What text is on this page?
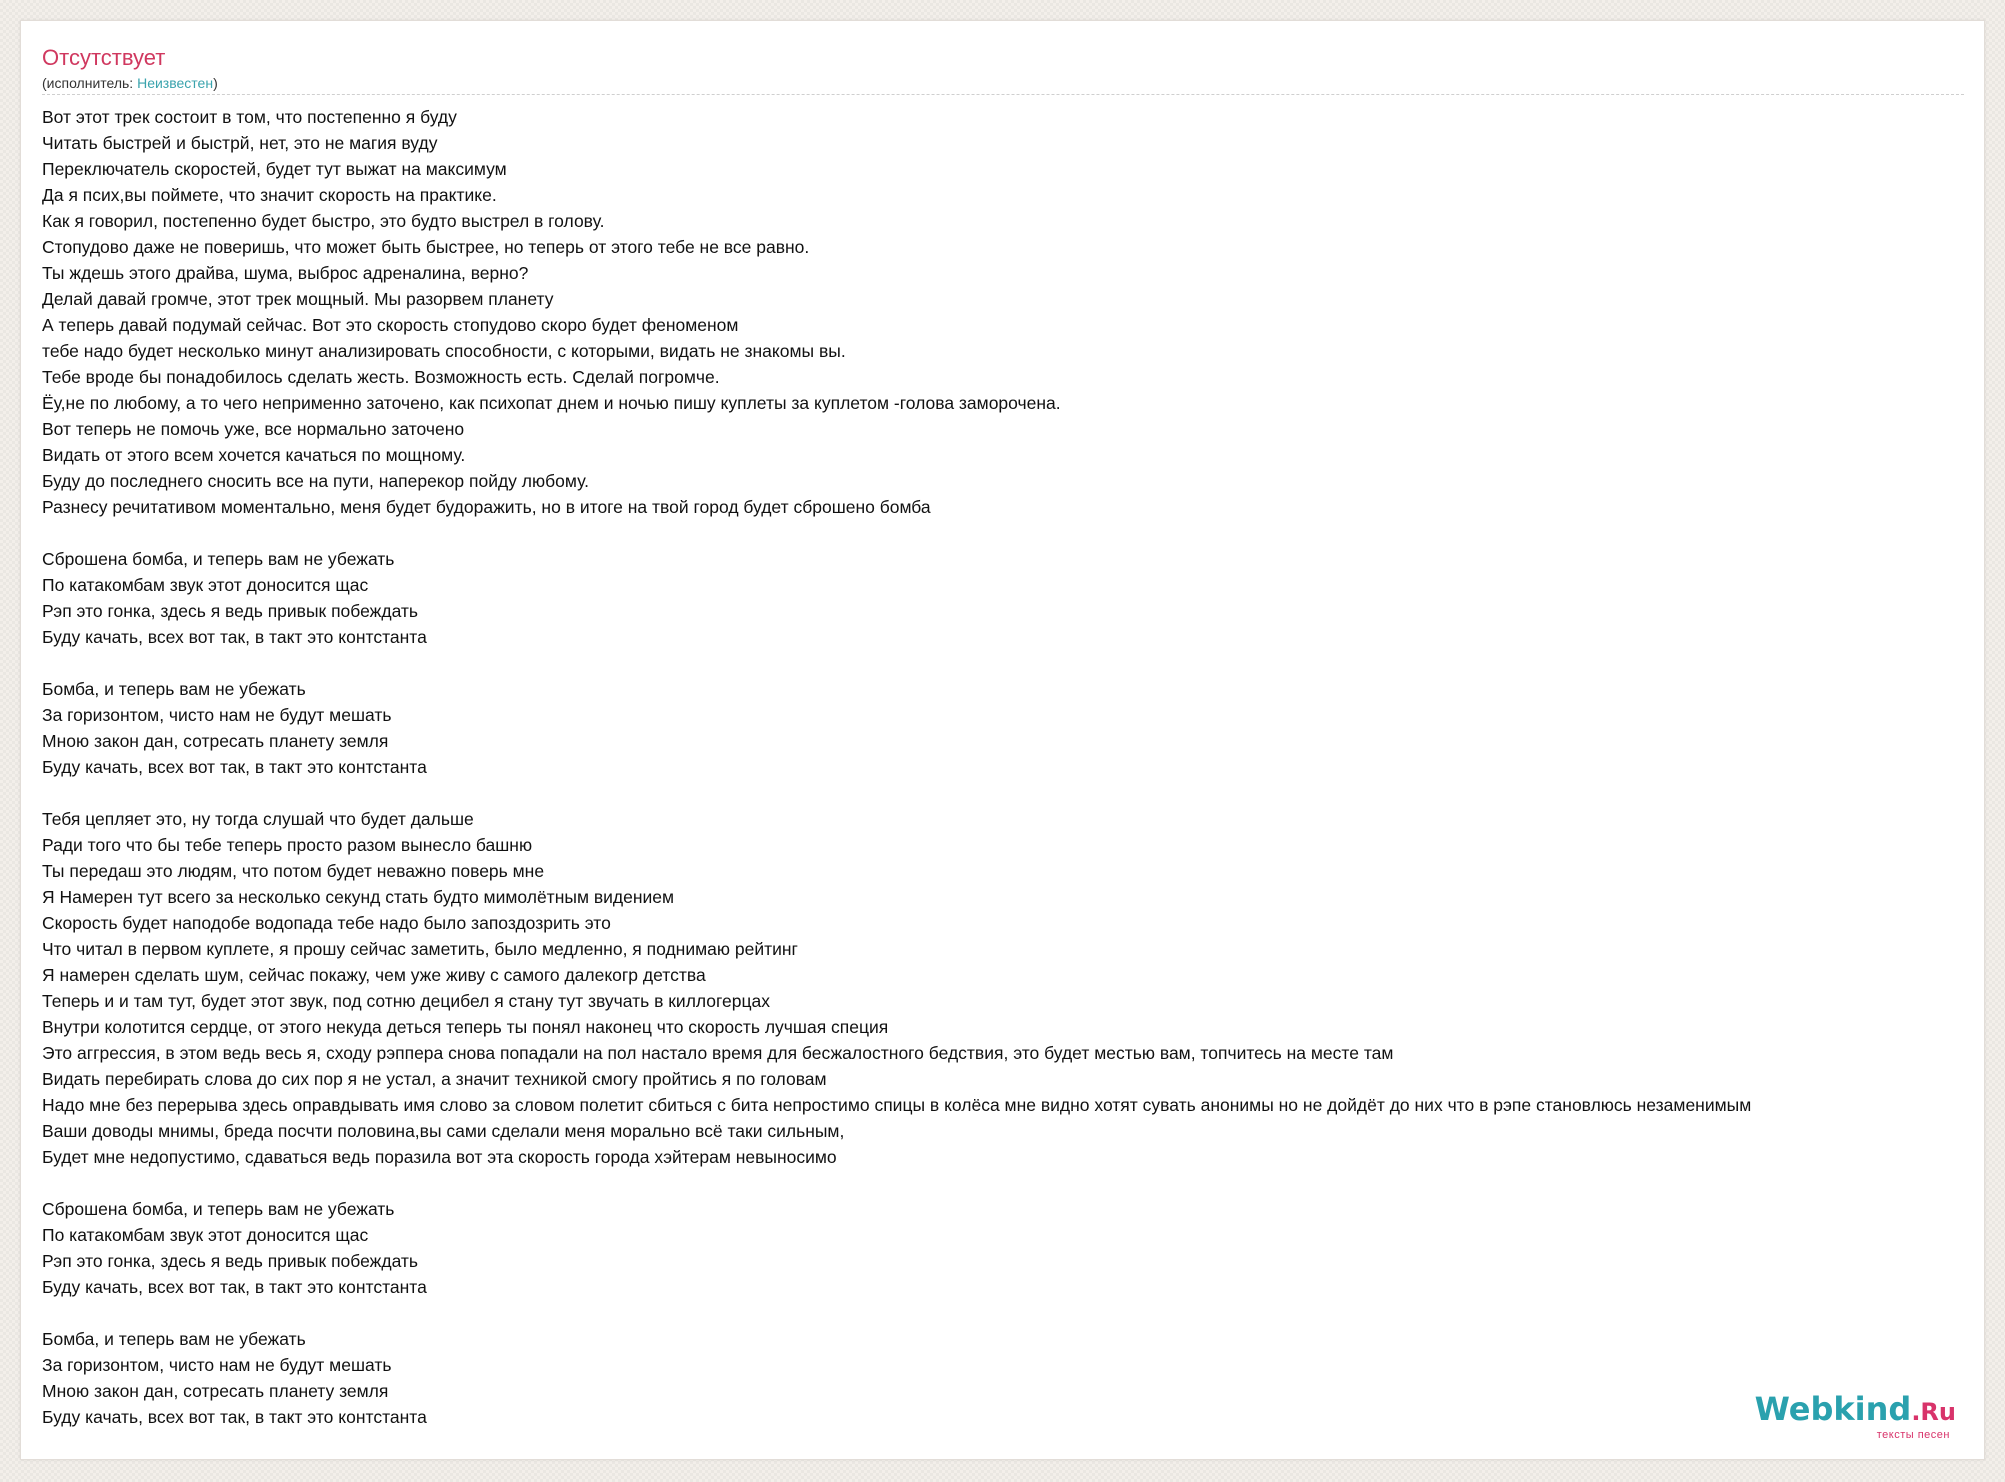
Отсутствует
(исполнитель: Неизвестен)
Вот этот трек состоит в том, что постепенно я буду
Читать быстрей и быстрй, нет, это не магия вуду
Переключатель скоростей, будет тут выжат на максимум
Да я псих,вы поймете, что значит скорость на практике.
Как я говорил, постепенно будет быстро, это будто выстрел в голову.
Стопудово даже не поверишь, что может быть быстрее, но теперь от этого тебе не все равно.
Ты ждешь этого драйва, шума, выброс адреналина, верно?
Делай давай громче, этот трек мощный. Мы разорвем планету
А теперь давай подумай сейчас. Вот это скорость стопудово скоро будет феноменом
тебе надо будет несколько минут анализировать способности, с которыми, видать не знакомы вы.
Тебе вроде бы понадобилось сделать жесть. Возможность есть. Сделай погромче.
Ёу,не по любому, а то чего неприменно заточено, как психопат днем и ночью пишу куплеты за куплетом -голова заморочена.
Вот теперь не помочь уже, все нормально заточено
Видать от этого всем хочется качаться по мощному.
Буду до последнего сносить все на пути, наперекор пойду любому.
Разнесу речитативом моментально, меня будет будоражить, но в итоге на твой город будет сброшено бомба
Сброшена бомба, и теперь вам не убежать
По катакомбам звук этот доносится щас
Рэп это гонка, здесь я ведь привык побеждать
Буду качать, всех вот так, в такт это контстанта
Бомба, и теперь вам не убежать
За горизонтом, чисто нам не будут мешать
Мною закон дан, сотресать планету земля
Буду качать, всех вот так, в такт это контстанта
Тебя цепляет это, ну тогда слушай что будет дальше
Ради того что бы тебе теперь просто разом вынесло башню
Ты передаш это людям, что потом будет неважно поверь мне
Я Намерен тут всего за несколько секунд стать будто мимолётным видением
Скорость будет наподобе водопада тебе надо было запоздозрить это
Что читал в первом куплете, я прошу сейчас заметить, было медленно, я поднимаю рейтинг
Я намерен сделать шум, сейчас покажу, чем уже живу с самого далекогр детства
Теперь и и там тут, будет этот звук, под сотню децибел я стану тут звучать в киллогерцах
Внутри колотится сердце, от этого некуда деться теперь ты понял наконец что скорость лучшая специя
Это аггрессия, в этом ведь весь я, сходу рэппера снова попадали на пол настало время для бесжалостного бедствия, это будет местью вам, топчитесь на месте там
Видать перебирать слова до сих пор я не устал, а значит техникой смогу пройтись я по головам
Надо мне без перерыва здесь оправдывать имя слово за словом полетит сбиться с бита непростимо спицы в колёса мне видно хотят сувать анонимы но не дойдёт до них что в рэпе становлюсь незаменимым
Ваши доводы мнимы, бреда посчти половина,вы сами сделали меня морально всё таки сильным,
Будет мне недопустимо, сдаваться ведь поразила вот эта скорость города хэйтерам невыносимо
Сброшена бомба, и теперь вам не убежать
По катакомбам звук этот доносится щас
Рэп это гонка, здесь я ведь привык побеждать
Буду качать, всех вот так, в такт это контстанта
Бомба, и теперь вам не убежать
За горизонтом, чисто нам не будут мешать
Мною закон дан, сотресать планету земля
Буду качать, всех вот так, в такт это контстанта	Webkind.Ru
тексты песен
